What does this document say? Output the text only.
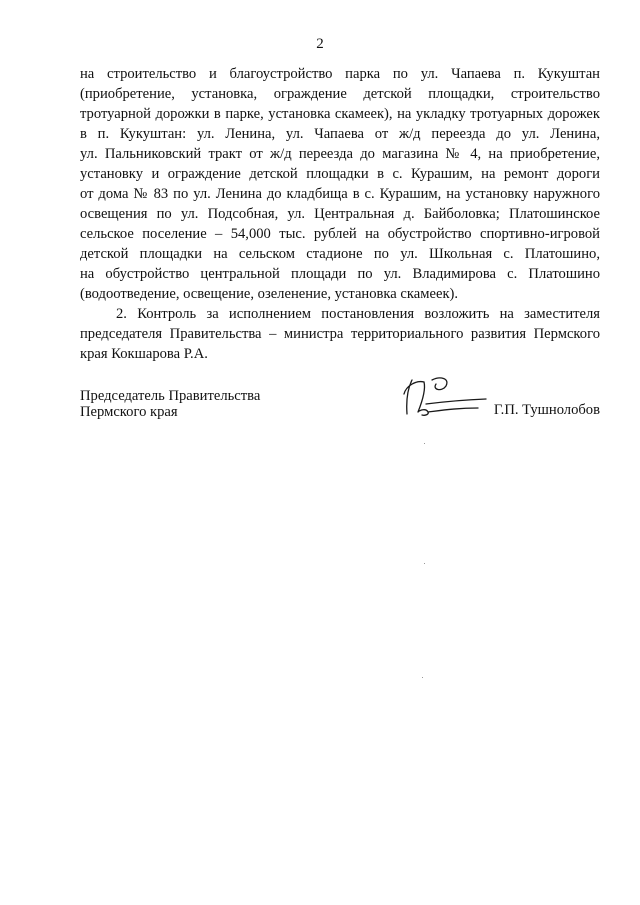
2

на строительство и благоустройство парка по ул. Чапаева п. Кукуштан
(приобретение, установка, ограждение детской площадки, строительство
тротуарной дорожки в парке, установка скамеек), на укладку тротуарных дорожек
в п. Кукуштан: ул. Ленина, ул. Чапаева от ж/д переезда до ул. Ленина,
ул. Пальниковский тракт от ж/д переезда до магазина № 4, на приобретение,
установку и ограждение детской площадки в с. Курашим, на ремонт дороги
от дома № 83 по ул. Ленина до кладбища в с. Курашим, на установку наружного
освещения по ул. Подсобная, ул. Центральная д. Байболовка; Платошинское
сельское поселение – 54,000 тыс. рублей на обустройство спортивно-игровой
детской площадки на сельском стадионе по ул. Школьная с. Платошино,
на обустройство центральной площади по ул. Владимирова с. Платошино
(водоотведение, освещение, озеленение, установка скамеек).

2. Контроль за исполнением постановления возложить на заместителя
председателя Правительства – министра территориального развития Пермского
края Кокшарова Р.А.

Председатель Правительства
Пермского края	Г.П. Тушнолобов
